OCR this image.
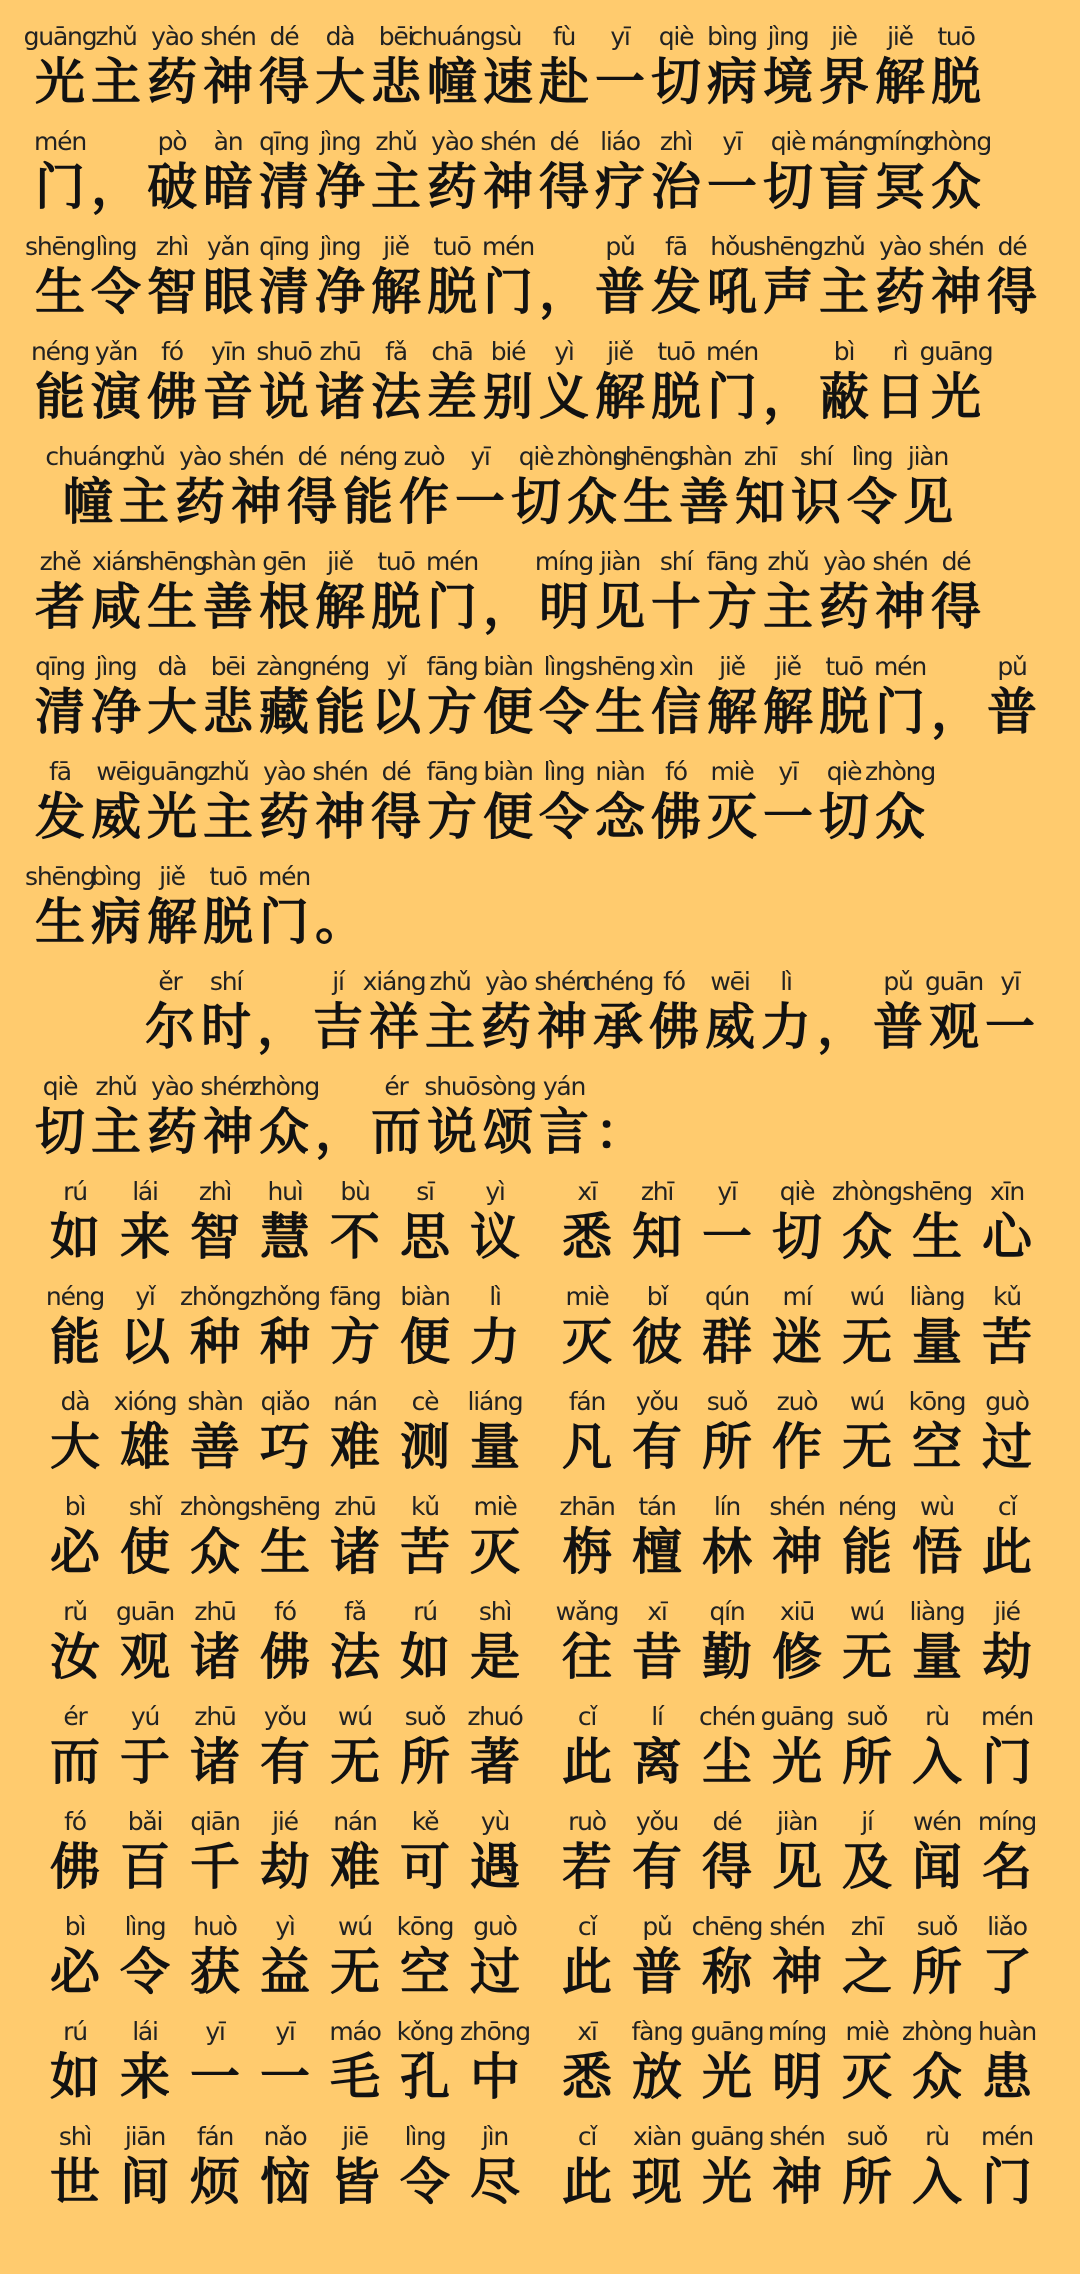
guāng
光
zhǔ
主
yào
药
shén
神
dé
得
dà
大
bēi
悲
chuáng
幢
sù
速
fù
赴
yī
一
qiè
切
bìng
病
jìng
境
jiè
界
jiě
解
tuō
脱
mén
门 ，
pò
破
àn
暗
qīng
清
jìng
净
zhǔ
主
yào
药
shén
神
dé
得
liáo
疗
zhì
治
yī
一
qiè
切
máng
盲
míng
冥
zhòng
众
shēng
生
lìng
令
zhì
智
yǎn
眼
qīng
清
jìng
净
jiě
解
tuō
脱
mén
门 ，
pǔ
普
fā
发
hǒu
吼
shēng
声
zhǔ
主
yào
药
shén
神
dé
得
néng
能
yǎn
演
fó
佛
yīn
音
shuō
说
zhū
诸
fǎ
法
chā
差
bié
别
yì
义
jiě
解
tuō
脱
mén
门 ，
bì
蔽
rì
日
guāng
光
chuáng
幢
zhǔ
主
yào
药
shén
神
dé
得
néng
能
zuò
作
yī
一
qiè
切
zhòng
众
shēng
生
shàn
善
zhī
知
shí
识
lìng
令
jiàn
见
zhě
者
xián
咸
shēng
生
shàn
善
gēn
根
jiě
解
tuō
脱
mén
门 ，
míng
明
jiàn
见
shí
十
fāng
方
zhǔ
主
yào
药
shén
神
dé
得
qīng
清
jìng
净
dà
大
bēi
悲
zàng
藏
néng
能
yǐ
以
fāng
方
biàn
便
lìng
令
shēng
生
xìn
信
jiě
解
jiě
解
tuō
脱
mén
门 ，
pǔ
普
fā
发
wēi
威
guāng
光
zhǔ
主
yào
药
shén
神
dé
得
fāng
方
biàn
便
lìng
令
niàn
念
fó
佛
miè
灭
yī
一
qiè
切
zhòng
众
shēng
生
bìng
病
jiě
解
tuō
脱
mén
门 。
ěr
尔
shí
时 ，
jí
吉
xiáng
祥
zhǔ
主
yào
药
shén
神
chéng
承
fó
佛
wēi
威
lì
力 ，
pǔ
普
guān
观
yī
一
qiè
切
zhǔ
主
yào
药
shén
神
zhòng
众 ，
ér
而
shuō
说
sòng
颂
yán
言 ：
rú
如
lái
来
zhì
智
huì
慧
bù
不
sī
思
yì
议
xī
悉
zhī
知
yī
一
qiè
切
zhòng
众
shēng
生
xīn
心
néng
能
yǐ
以
zhǒng
种
zhǒng
种
fāng
方
biàn
便
lì
力
miè
灭
bǐ
彼
qún
群
mí
迷
wú
无
liàng
量
kǔ
苦
dà
大
xióng
雄
shàn
善
qiǎo
巧
nán
难
cè
测
liáng
量
fán
凡
yǒu
有
suǒ
所
zuò
作
wú
无
kōng
空
guò
过
bì
必
shǐ
使
zhòng
众
shēng
生
zhū
诸
kǔ
苦
miè
灭
zhān
栴
tán
檀
lín
林
shén
神
néng
能
wù
悟
cǐ
此
rǔ
汝
guān
观
zhū
诸
fó
佛
fǎ
法
rú
如
shì
是
wǎng
往
xī
昔
qín
勤
xiū
修
wú
无
liàng
量
jié
劫
ér
而
yú
于
zhū
诸
yǒu
有
wú
无
suǒ
所
zhuó
著
cǐ
此
lí
离
chén
尘
guāng
光
suǒ
所
rù
入
mén
门
fó
佛
bǎi
百
qiān
千
jié
劫
nán
难
kě
可
yù
遇
ruò
若
yǒu
有
dé
得
jiàn
见
jí
及
wén
闻
míng
名
bì
必
lìng
令
huò
获
yì
益
wú
无
kōng
空
guò
过
cǐ
此
pǔ
普
chēng
称
shén
神
zhī
之
suǒ
所
liǎo
了
rú
如
lái
来
yī
一
yī
一
máo
毛
kǒng
孔
zhōng
中
xī
悉
fàng
放
guāng
光
míng
明
miè
灭
zhòng
众
huàn
患
shì
世
jiān
间
fán
烦
nǎo
恼
jiē
皆
lìng
令
jìn
尽
cǐ
此
xiàn
现
guāng
光
shén
神
suǒ
所
rù
入
mén
门
